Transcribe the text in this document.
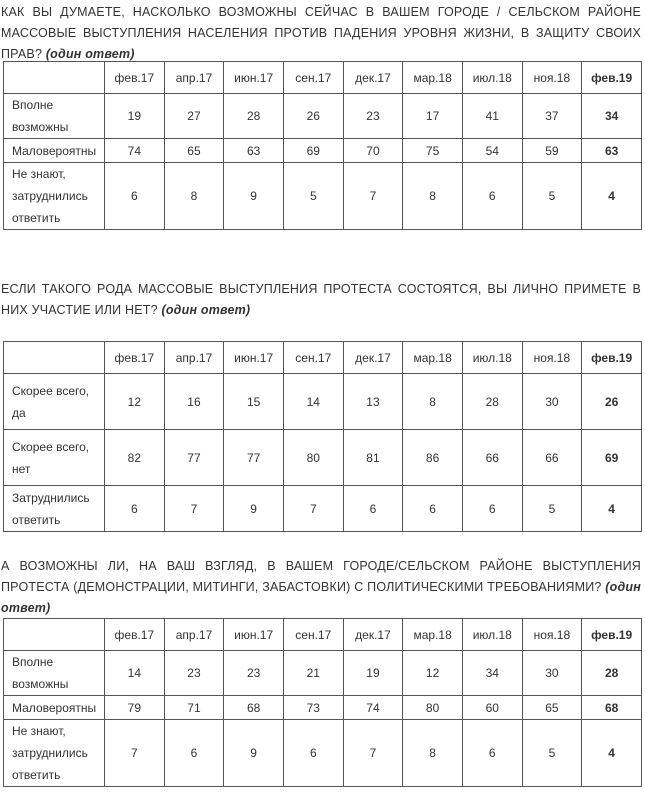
КАК ВЫ ДУМАЕТЕ, НАСКОЛЬКО ВОЗМОЖНЫ СЕЙЧАС В ВАШЕМ ГОРОДЕ / СЕЛЬСКОМ РАЙОНЕ МАССОВЫЕ ВЫСТУПЛЕНИЯ НАСЕЛЕНИЯ ПРОТИВ ПАДЕНИЯ УРОВНЯ ЖИЗНИ, В ЗАЩИТУ СВОИХ ПРАВ? (один ответ)

	фев.17	апр.17	июн.17	сен.17	дек.17	мар.18	июл.18	ноя.18	фев.19
Вполне возможны	19	27	28	26	23	17	41	37	34
Маловероятны	74	65	63	69	70	75	54	59	63
Не знают, затруднились ответить	6	8	9	5	7	8	6	5	4

ЕСЛИ ТАКОГО РОДА МАССОВЫЕ ВЫСТУПЛЕНИЯ ПРОТЕСТА СОСТОЯТСЯ, ВЫ ЛИЧНО ПРИМЕТЕ В НИХ УЧАСТИЕ ИЛИ НЕТ? (один ответ)

	фев.17	апр.17	июн.17	сен.17	дек.17	мар.18	июл.18	ноя.18	фев.19
Скорее всего, да	12	16	15	14	13	8	28	30	26
Скорее всего, нет	82	77	77	80	81	86	66	66	69
Затруднились ответить	6	7	9	7	6	6	6	5	4

А ВОЗМОЖНЫ ЛИ, НА ВАШ ВЗГЛЯД, В ВАШЕМ ГОРОДЕ/СЕЛЬСКОМ РАЙОНЕ ВЫСТУПЛЕНИЯ ПРОТЕСТА (ДЕМОНСТРАЦИИ, МИТИНГИ, ЗАБАСТОВКИ) С ПОЛИТИЧЕСКИМИ ТРЕБОВАНИЯМИ? (один ответ)

	фев.17	апр.17	июн.17	сен.17	дек.17	мар.18	июл.18	ноя.18	фев.19
Вполне возможны	14	23	23	21	19	12	34	30	28
Маловероятны	79	71	68	73	74	80	60	65	68
Не знают, затруднились ответить	7	6	9	6	7	8	6	5	4
